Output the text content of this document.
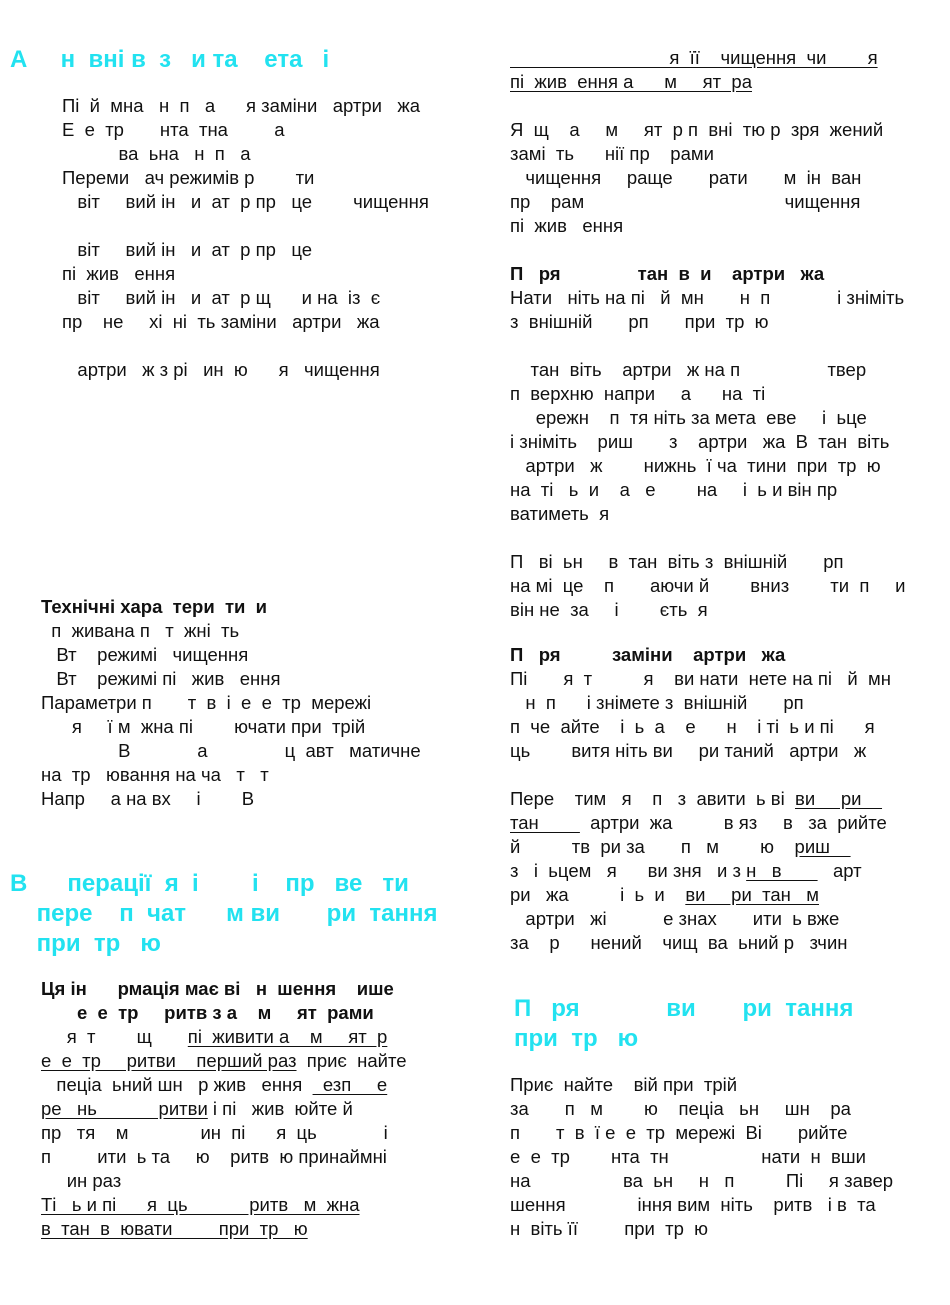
А     н  вні в  з   и та    ета   і
Пі  й  мна   н  п   а      я заміни   артри   жа
Е  е  тр       нта  тна         а
ва  ьна   н  п   а
Переми   ач режимів р        ти
віт     вий ін   и  ат  р пр   це        чищення
віт     вий ін   и  ат  р пр   це
пі  жив   ення
віт     вий ін   и  ат  р щ      и на  із  є
пр    не     хі  ні  ть заміни   артри   жа
артри   ж з рі   ин  ю      я   чищення
Технічні хара  тери  ти  и
п  живана п   т  жні  ть
Вт    режимі   чищення
Вт    режимі пі   жив   ення
Параметри п       т  в  і  е  е  тр  мережі
я     ї м  жна пі        ючати при  трій
В             а               ц  авт   матичне
на  тр   ювання на ча   т   т
Напр     а на вх     і        В
В      перації  я  і        і    пр   ве   ти
пере    п  чат      м ви       ри  тання
при  тр   ю
Ця ін      рмація має ві   н  шення    ише
е  е  тр     ритв з а    м     ят  рами
я  т        щ       пі  живити а    м     ят  р
е  е  тр     ритви    перший раз  приє  найте
пеціа  ьний шн   р жив   ення    езп     е
ре   нь            ритви і пі   жив  юйте й
пр   тя    м              ин  пі      я  ць             і
п         ити  ь та     ю    ритв  ю принаймні
ин раз
Ті   ь и пі      я  ць            ритв   м  жна
в  тан  в  ювати         при  тр   ю
я  її    чищення  чи        я
пі  жив  ення а      м     ят  ра
Я  щ    а     м     ят  р п  вні  тю р  зря  жений
замі  ть      нії пр    рами
чищення     раще       рати       м  ін  ван
пр    рам                                       чищення
пі  жив   ення
П   ря               тан  в  и    артри   жа
Нати   ніть на пі   й  мн       н  п             і зніміть
з  внішній       рп       при  тр  ю
тан  віть    артри   ж на п                 твер
п  верхню  напри     а      на  ті
ережн    п  тя ніть за мета  еве     і  ьце
і зніміть    риш       з    артри   жа  В  тан  віть
артри   ж        нижнь  ї ча  тини  при  тр  ю
на  ті   ь  и    а   е        на     і  ь и він пр
ватиметь  я
П   ві  ьн     в  тан  віть з  внішній       рп
на мі  це    п       аючи й        вниз        ти  п     и
він не  за     і        єть  я
П   ря          заміни    артри   жа
Пі       я  т          я    ви нати  нете на пі   й  мн
н  п      і знімете з  внішній       рп
п  че  айте    і  ь  а    е      н    і ті  ь и пі      я
ць        витя ніть ви     ри таний   артри   ж
Пере    тим   я    п   з  авити  ь ві  ви     ри
тан          артри  жа          в яз     в   за  рийте
й          тв  ри за       п   м        ю    риш
з   і  ьцем   я      ви зня   и з н   в          арт
ри   жа          і  ь  и    ви     ри  тан   м
артри   жі           е знах       ити  ь вже
за    р      нений    чищ  ва  ьний р   зчин
П   ря             ви       ри  тання
при  тр   ю
Приє  найте    вій при  трій
за       п   м        ю    пеціа   ьн     шн    ра
п       т  в  ї е  е  тр  мережі  Ві       рийте
е  е  тр        нта  тн                  нати  н  вши
на                  ва  ьн     н   п          Пі     я завер
шення              іння вим  ніть    ритв   і в  та
н  віть її         при  тр  ю
